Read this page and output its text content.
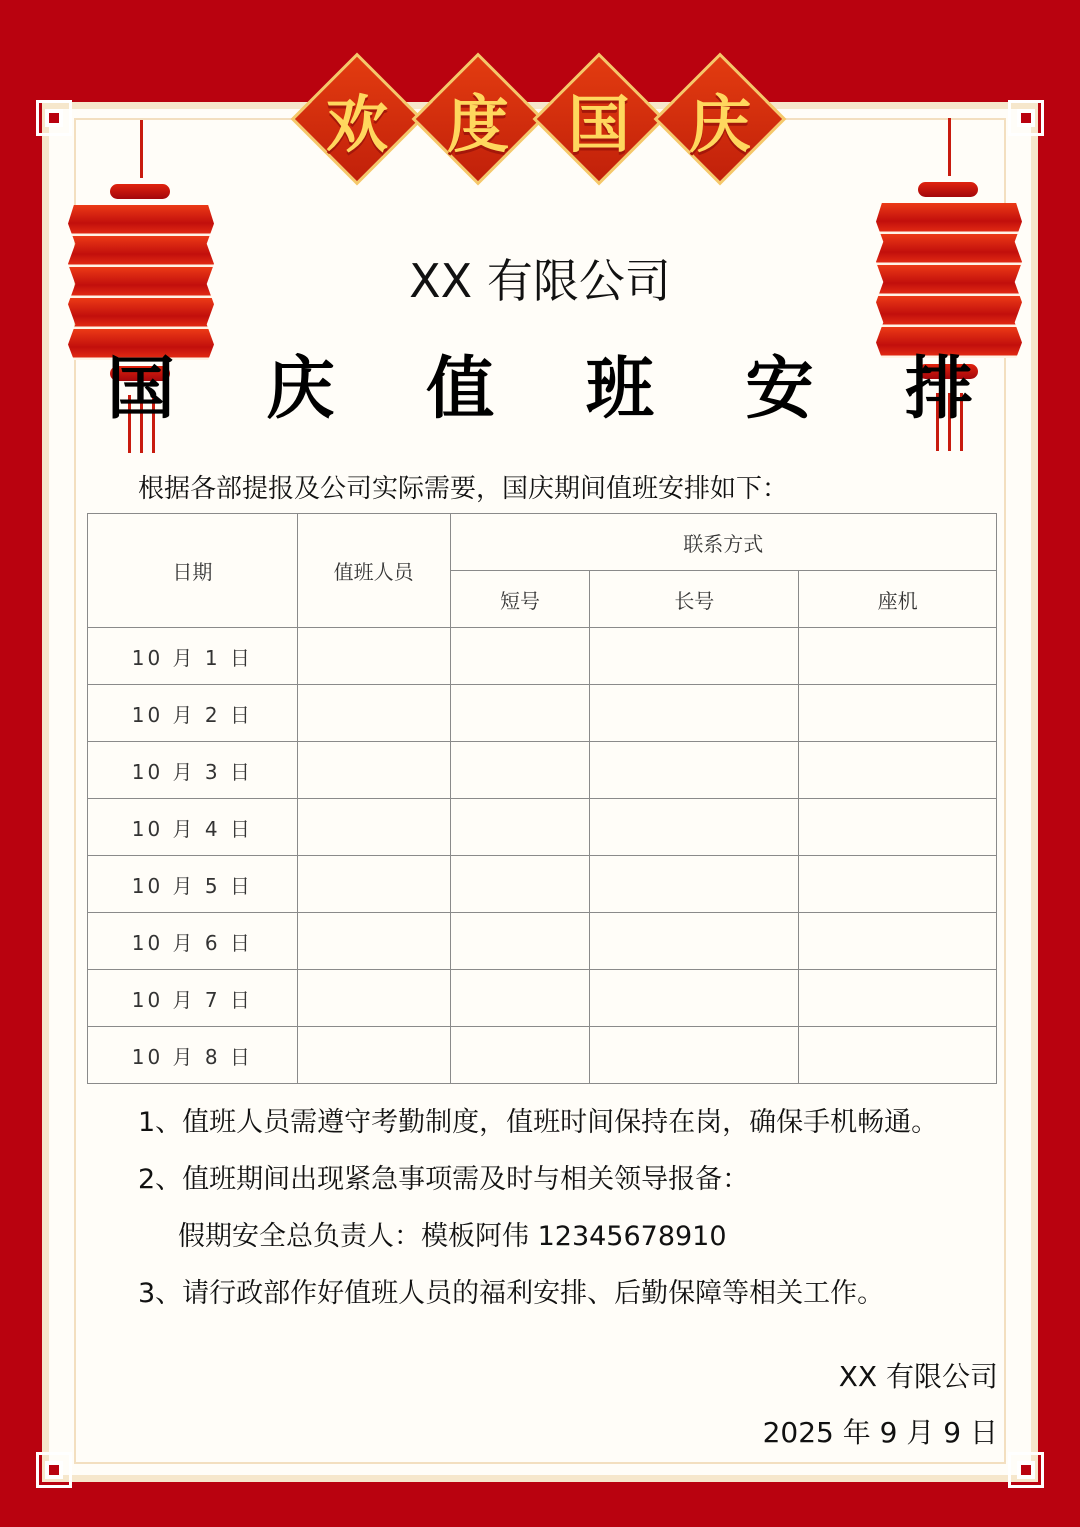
欢 度 国 庆
XX 有限公司
国 庆 值 班 安 排
根据各部提报及公司实际需要，国庆期间值班安排如下：
日期	值班人员	联系方式		
		短号	长号	座机
10 月 1 日				
10 月 2 日				
10 月 3 日				
10 月 4 日				
10 月 5 日				
10 月 6 日				
10 月 7 日				
10 月 8 日				
1、值班人员需遵守考勤制度，值班时间保持在岗，确保手机畅通。
2、值班期间出现紧急事项需及时与相关领导报备：
假期安全总负责人：模板阿伟 12345678910
3、请行政部作好值班人员的福利安排、后勤保障等相关工作。
XX 有限公司
2025 年 9 月 9 日
